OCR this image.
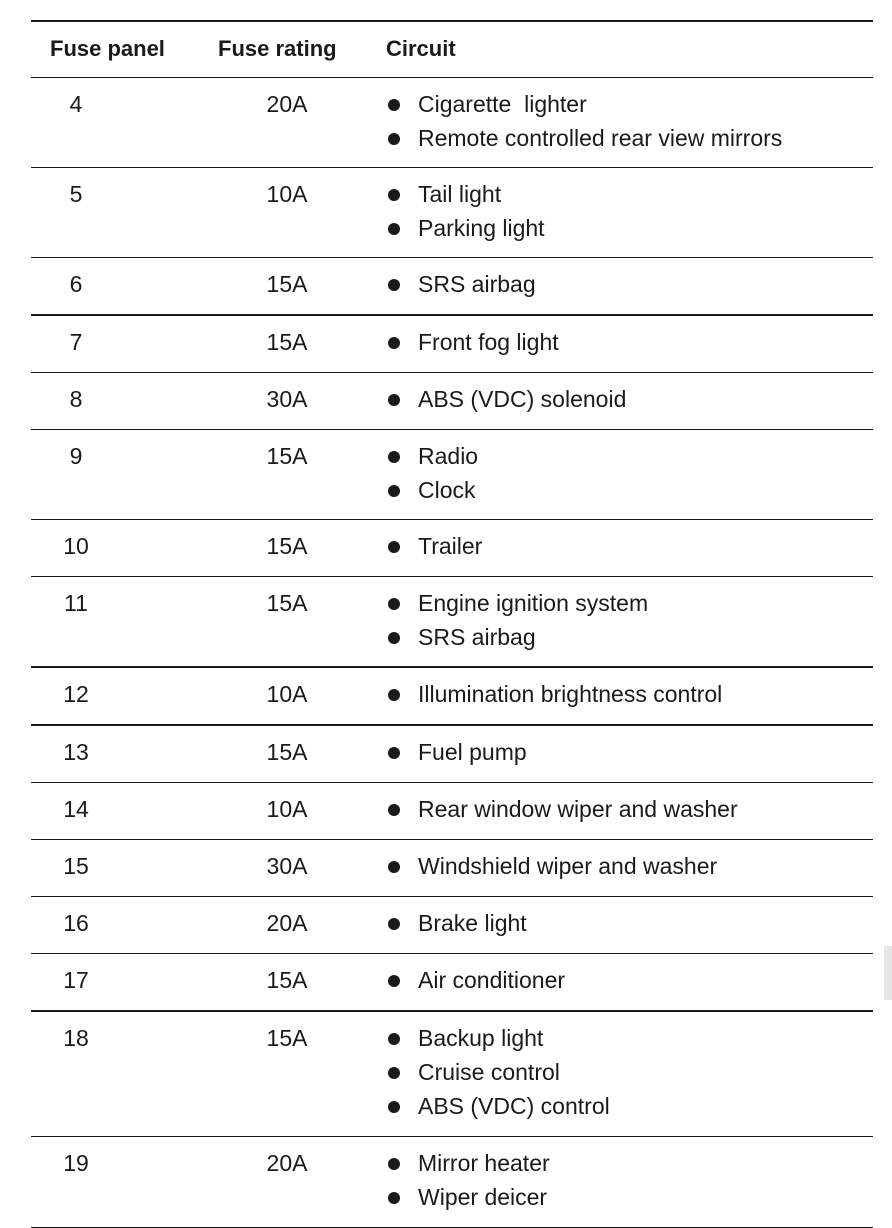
Fuse panel Fuse rating Circuit
4	20A	Cigarette  lighter
Remote controlled rear view mirrors
5	10A	Tail light
Parking light
6	15A	SRS airbag
7	15A	Front fog light
8	30A	ABS (VDC) solenoid
9	15A	Radio
Clock
10	15A	Trailer
11	15A	Engine ignition system
SRS airbag
12	10A	Illumination brightness control
13	15A	Fuel pump
14	10A	Rear window wiper and washer
15	30A	Windshield wiper and washer
16	20A	Brake light
17	15A	Air conditioner
18	15A	Backup light
Cruise control
ABS (VDC) control
19	20A	Mirror heater
Wiper deicer
